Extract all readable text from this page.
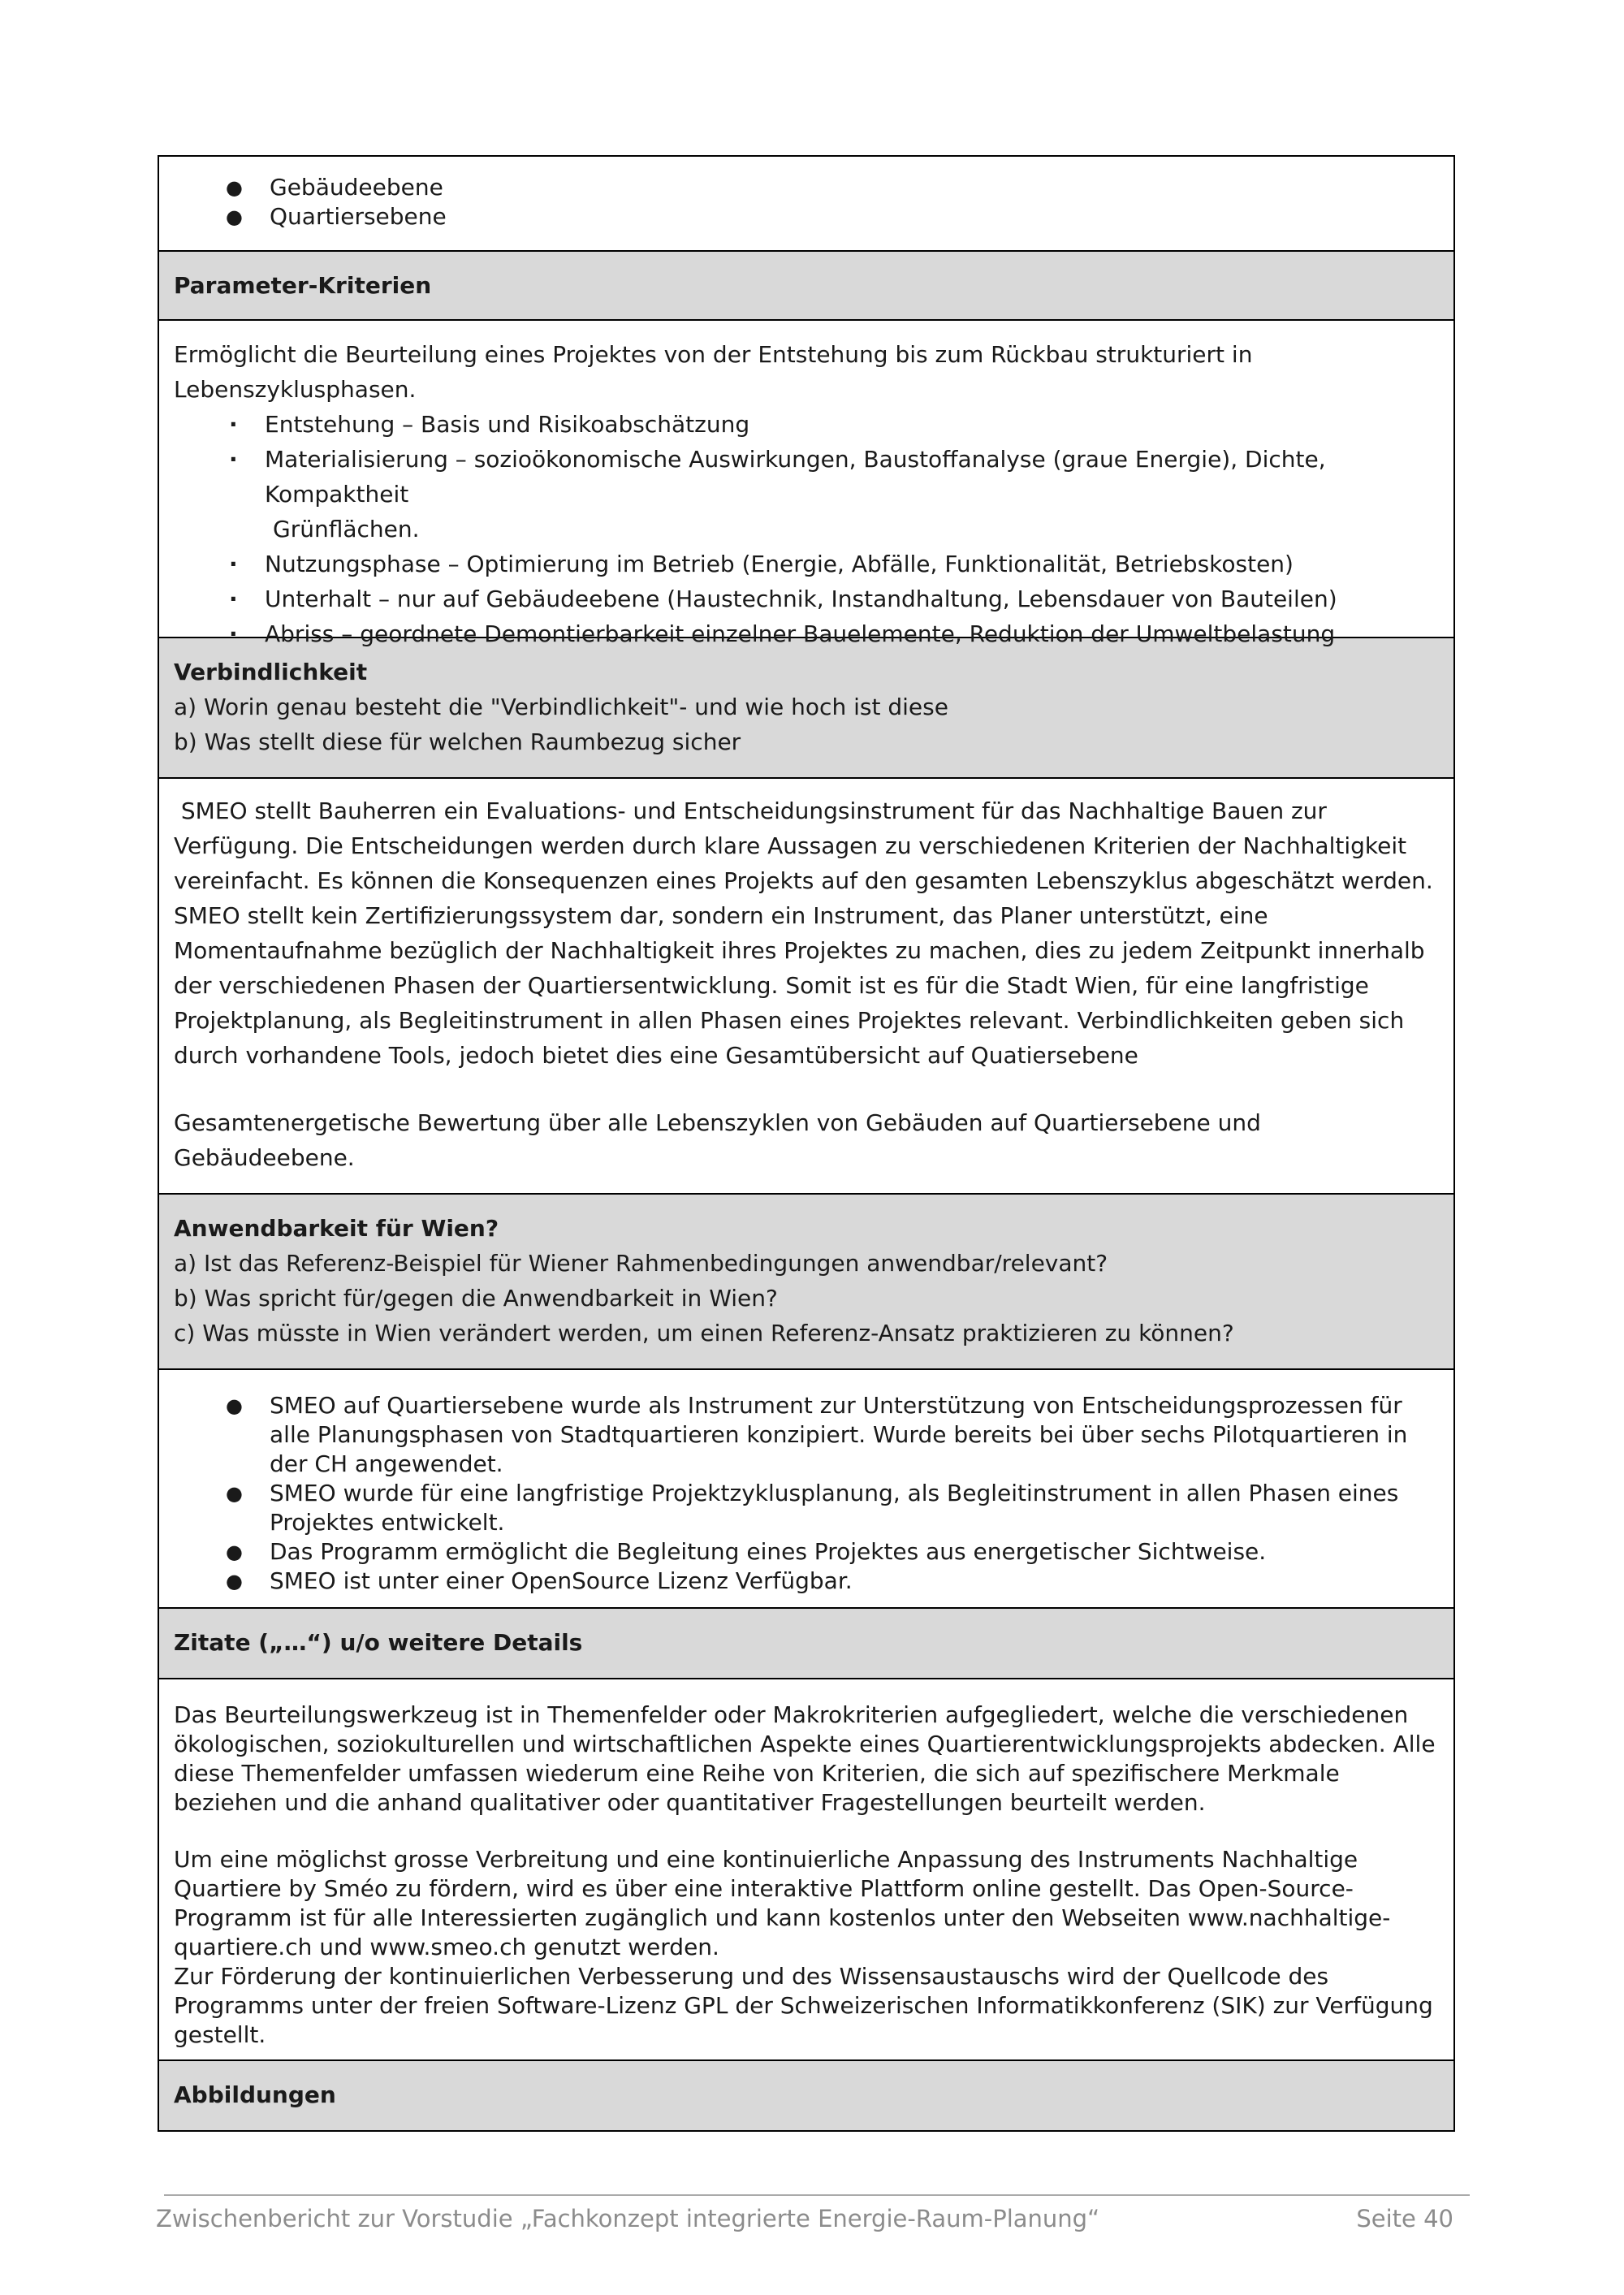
● Gebäudeebene
● Quartiersebene
Parameter-Kriterien

Ermöglicht die Beurteilung eines Projektes von der Entstehung bis zum Rückbau strukturiert in Lebenszyklusphasen.

· Entstehung – Basis und Risikoabschätzung
· Materialisierung – sozioökonomische Auswirkungen, Baustoffanalyse (graue Energie), Dichte, Kompaktheit
Grünflächen.
· Nutzungsphase – Optimierung im Betrieb (Energie, Abfälle, Funktionalität, Betriebskosten)
· Unterhalt – nur auf Gebäudeebene (Haustechnik, Instandhaltung, Lebensdauer von Bauteilen)
· Abriss – geordnete Demontierbarkeit einzelner Bauelemente, Reduktion der Umweltbelastung
Verbindlichkeit
a) Worin genau besteht die "Verbindlichkeit"- und wie hoch ist diese
b) Was stellt diese für welchen Raumbezug sicher

SMEO stellt Bauherren ein Evaluations- und Entscheidungsinstrument für das Nachhaltige Bauen zur Verfügung. Die Entscheidungen werden durch klare Aussagen zu verschiedenen Kriterien der Nachhaltigkeit vereinfacht. Es können die Konsequenzen eines Projekts auf den gesamten Lebenszyklus abgeschätzt werden. SMEO stellt kein Zertifizierungssystem dar, sondern ein Instrument, das Planer unterstützt, eine Momentaufnahme bezüglich der Nachhaltigkeit ihres Projektes zu machen, dies zu jedem Zeitpunkt innerhalb der verschiedenen Phasen der Quartiersentwicklung. Somit ist es für die Stadt Wien, für eine langfristige Projektplanung, als Begleitinstrument in allen Phasen eines Projektes relevant. Verbindlichkeiten geben sich durch vorhandene Tools, jedoch bietet dies eine Gesamtübersicht auf Quatiersebene

Gesamtenergetische Bewertung über alle Lebenszyklen von Gebäuden auf Quartiersebene und Gebäudeebene.

Anwendbarkeit für Wien?
a) Ist das Referenz-Beispiel für Wiener Rahmenbedingungen anwendbar/relevant?
b) Was spricht für/gegen die Anwendbarkeit in Wien?
c) Was müsste in Wien verändert werden, um einen Referenz-Ansatz praktizieren zu können?
● SMEO auf Quartiersebene wurde als Instrument zur Unterstützung von Entscheidungsprozessen für alle Planungsphasen von Stadtquartieren konzipiert. Wurde bereits bei über sechs Pilotquartieren in der CH angewendet.
● SMEO wurde für eine langfristige Projektzyklusplanung, als Begleitinstrument in allen Phasen eines Projektes entwickelt.
● Das Programm ermöglicht die Begleitung eines Projektes aus energetischer Sichtweise.
● SMEO ist unter einer OpenSource Lizenz Verfügbar.
Zitate („…“) u/o weitere Details

Das Beurteilungswerkzeug ist in Themenfelder oder Makrokriterien aufgegliedert, welche die verschiedenen ökologischen, soziokulturellen und wirtschaftlichen Aspekte eines Quartierentwicklungsprojekts abdecken. Alle diese Themenfelder umfassen wiederum eine Reihe von Kriterien, die sich auf spezifischere Merkmale beziehen und die anhand qualitativer oder quantitativer Fragestellungen beurteilt werden.

Um eine möglichst grosse Verbreitung und eine kontinuierliche Anpassung des Instruments Nachhaltige Quartiere by Sméo zu fördern, wird es über eine interaktive Plattform online gestellt. Das Open-Source-Programm ist für alle Interessierten zugänglich und kann kostenlos unter den Webseiten www.nachhaltige-quartiere.ch und www.smeo.ch genutzt werden.

Zur Förderung der kontinuierlichen Verbesserung und des Wissensaustauschs wird der Quellcode des Programms unter der freien Software-Lizenz GPL der Schweizerischen Informatikkonferenz (SIK) zur Verfügung gestellt.

Abbildungen
Zwischenbericht zur Vorstudie „Fachkonzept integrierte Energie-Raum-Planung“	Seite 40
